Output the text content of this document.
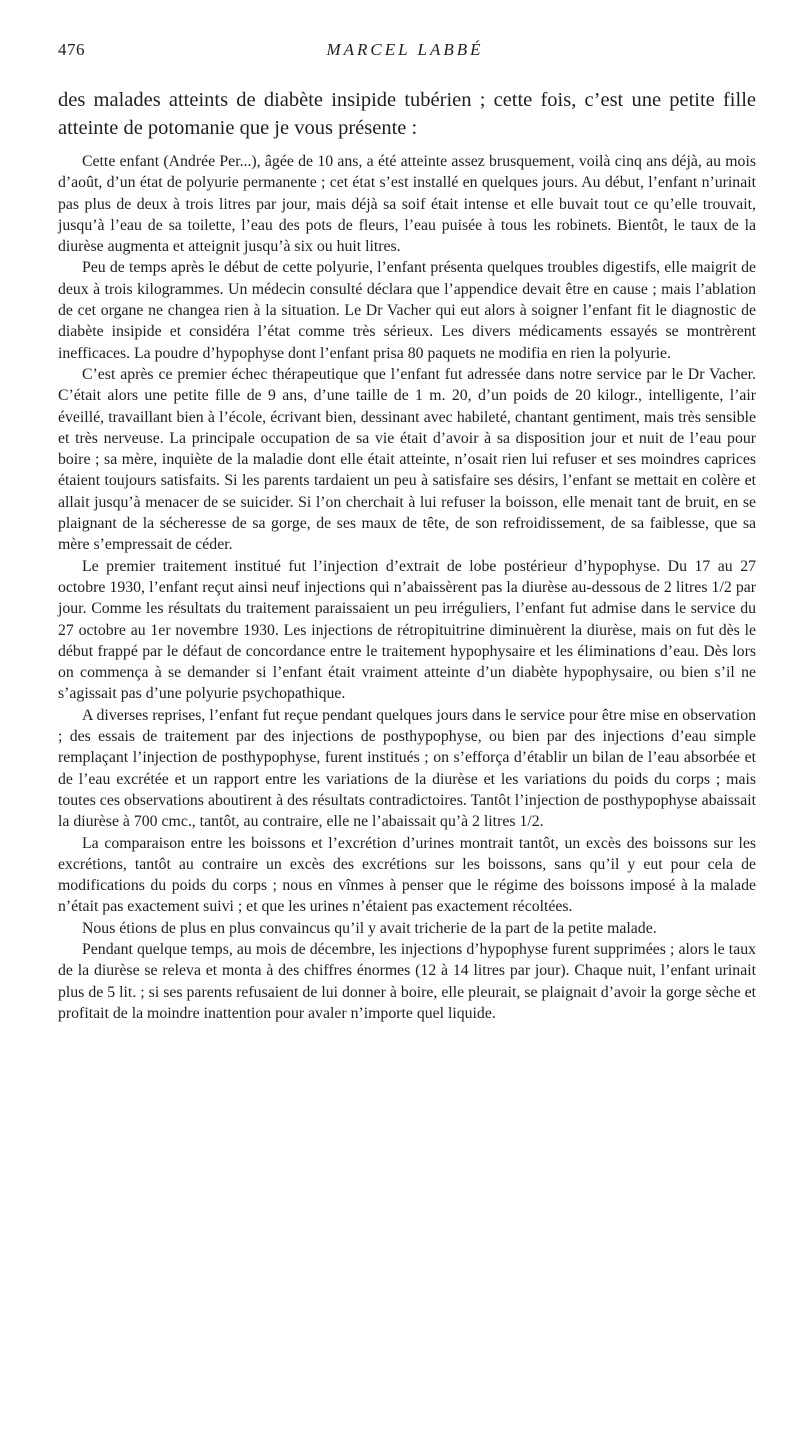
476	MARCEL LABBÉ

des malades atteints de diabète insipide tubérien ; cette fois, c’est une petite fille atteinte de potomanie que je vous présente :

Cette enfant (Andrée Per...), âgée de 10 ans, a été atteinte assez brusquement, voilà cinq ans déjà, au mois d’août, d’un état de polyurie permanente ; cet état s’est installé en quelques jours. Au début, l’enfant n’urinait pas plus de deux à trois litres par jour, mais déjà sa soif était intense et elle buvait tout ce qu’elle trouvait, jusqu’à l’eau de sa toilette, l’eau des pots de fleurs, l’eau puisée à tous les robinets. Bientôt, le taux de la diurèse augmenta et atteignit jusqu’à six ou huit litres.

Peu de temps après le début de cette polyurie, l’enfant présenta quelques troubles digestifs, elle maigrit de deux à trois kilogrammes. Un médecin consulté déclara que l’appendice devait être en cause ; mais l’ablation de cet organe ne changea rien à la situation. Le Dr Vacher qui eut alors à soigner l’enfant fit le diagnostic de diabète insipide et considéra l’état comme très sérieux. Les divers médicaments essayés se montrèrent inefficaces. La poudre d’hypophyse dont l’enfant prisa 80 paquets ne modifia en rien la polyurie.

C’est après ce premier échec thérapeutique que l’enfant fut adressée dans notre service par le Dr Vacher. C’était alors une petite fille de 9 ans, d’une taille de 1 m. 20, d’un poids de 20 kilogr., intelligente, l’air éveillé, travaillant bien à l’école, écrivant bien, dessinant avec habileté, chantant gentiment, mais très sensible et très nerveuse. La principale occupation de sa vie était d’avoir à sa disposition jour et nuit de l’eau pour boire ; sa mère, inquiète de la maladie dont elle était atteinte, n’osait rien lui refuser et ses moindres caprices étaient toujours satisfaits. Si les parents tardaient un peu à satisfaire ses désirs, l’enfant se mettait en colère et allait jusqu’à menacer de se suicider. Si l’on cherchait à lui refuser la boisson, elle menait tant de bruit, en se plaignant de la sécheresse de sa gorge, de ses maux de tête, de son refroidissement, de sa faiblesse, que sa mère s’empressait de céder.

Le premier traitement institué fut l’injection d’extrait de lobe postérieur d’hypophyse. Du 17 au 27 octobre 1930, l’enfant reçut ainsi neuf injections qui n’abaissèrent pas la diurèse au-dessous de 2 litres 1/2 par jour. Comme les résultats du traitement paraissaient un peu irréguliers, l’enfant fut admise dans le service du 27 octobre au 1er novembre 1930. Les injections de rétropituitrine diminuèrent la diurèse, mais on fut dès le début frappé par le défaut de concordance entre le traitement hypophysaire et les éliminations d’eau. Dès lors on commença à se demander si l’enfant était vraiment atteinte d’un diabète hypophysaire, ou bien s’il ne s’agissait pas d’une polyurie psychopathique.

A diverses reprises, l’enfant fut reçue pendant quelques jours dans le service pour être mise en observation ; des essais de traitement par des injections de posthypophyse, ou bien par des injections d’eau simple remplaçant l’injection de posthypophyse, furent institués ; on s’efforça d’établir un bilan de l’eau absorbée et de l’eau excrétée et un rapport entre les variations de la diurèse et les variations du poids du corps ; mais toutes ces observations aboutirent à des résultats contradictoires. Tantôt l’injection de posthypophyse abaissait la diurèse à 700 cmc., tantôt, au contraire, elle ne l’abaissait qu’à 2 litres 1/2.

La comparaison entre les boissons et l’excrétion d’urines montrait tantôt, un excès des boissons sur les excrétions, tantôt au contraire un excès des excrétions sur les boissons, sans qu’il y eut pour cela de modifications du poids du corps ; nous en vînmes à penser que le régime des boissons imposé à la malade n’était pas exactement suivi ; et que les urines n’étaient pas exactement récoltées.

Nous étions de plus en plus convaincus qu’il y avait tricherie de la part de la petite malade.

Pendant quelque temps, au mois de décembre, les injections d’hypophyse furent supprimées ; alors le taux de la diurèse se releva et monta à des chiffres énormes (12 à 14 litres par jour). Chaque nuit, l’enfant urinait plus de 5 lit. ; si ses parents refusaient de lui donner à boire, elle pleurait, se plaignait d’avoir la gorge sèche et profitait de la moindre inattention pour avaler n’importe quel liquide.
